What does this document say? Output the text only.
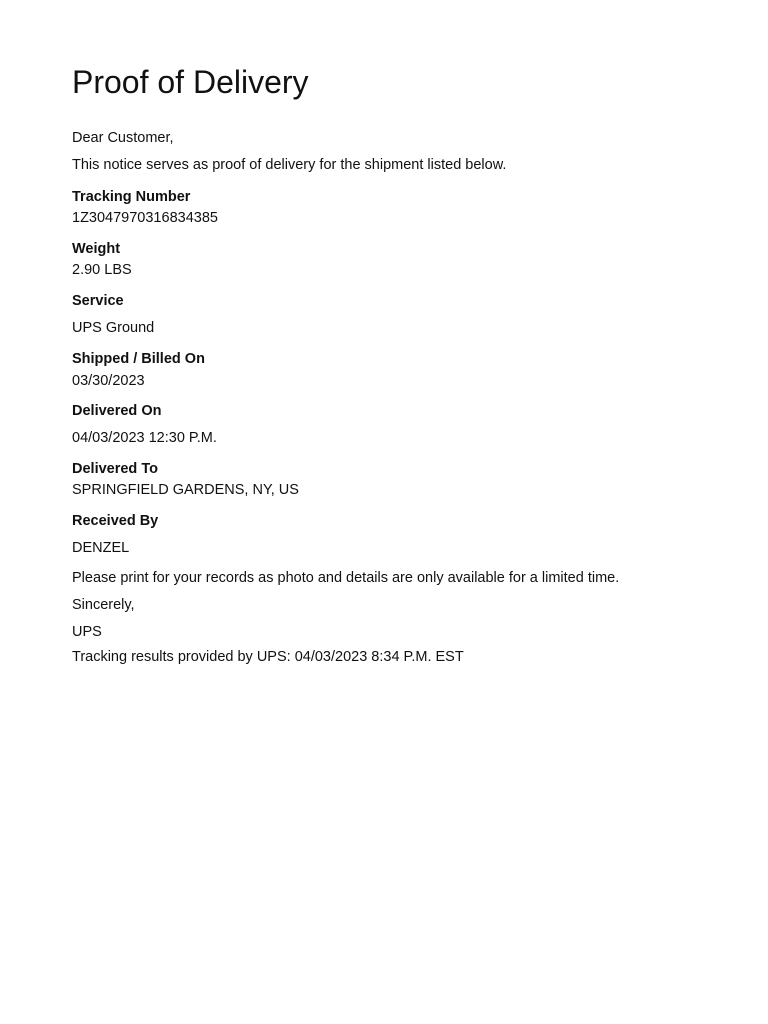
Proof of Delivery

Dear Customer,

This notice serves as proof of delivery for the shipment listed below.

Tracking Number

1Z3047970316834385

Weight

2.90 LBS

Service

UPS Ground

Shipped / Billed On

03/30/2023

Delivered On

04/03/2023 12:30 P.M.

Delivered To

SPRINGFIELD GARDENS, NY, US

Received By

DENZEL

Please print for your records as photo and details are only available for a limited time.

Sincerely,

UPS

Tracking results provided by UPS: 04/03/2023 8:34 P.M. EST
